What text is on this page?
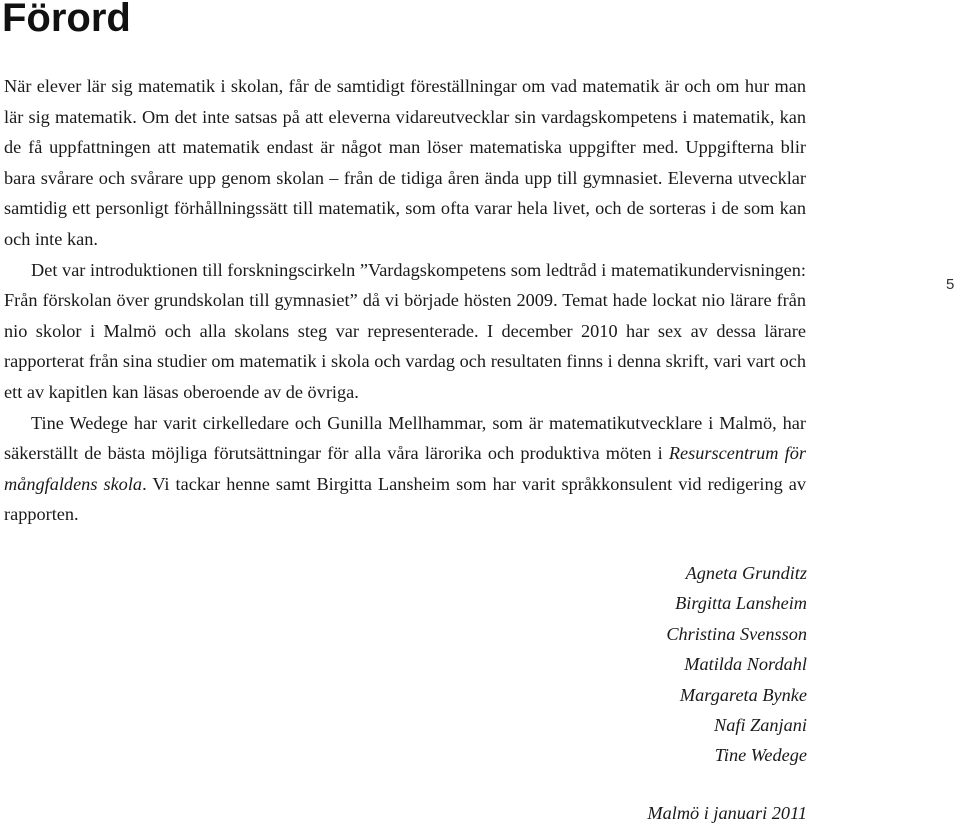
Förord

När elever lär sig matematik i skolan, får de samtidigt föreställningar om vad matematik är och om hur man lär sig matematik. Om det inte satsas på att eleverna vidareutvecklar sin vardagskompetens i matematik, kan de få uppfattningen att matematik endast är något man löser matematiska uppgifter med. Uppgifterna blir bara svårare och svårare upp genom skolan – från de tidiga åren ända upp till gymnasiet. Eleverna utvecklar samtidig ett personligt förhållningssätt till matematik, som ofta varar hela livet, och de sorteras i de som kan och inte kan.

Det var introduktionen till forskningscirkeln ”Vardagskompetens som ledtråd i matematikundervisningen: Från förskolan över grundskolan till gymnasiet” då vi började hösten 2009. Temat hade lockat nio lärare från nio skolor i Malmö och alla skolans steg var representerade. I december 2010 har sex av dessa lärare rapporterat från sina studier om matematik i skola och vardag och resultaten finns i denna skrift, vari vart och ett av kapitlen kan läsas oberoende av de övriga.

Tine Wedege har varit cirkelledare och Gunilla Mellhammar, som är matematikutvecklare i Malmö, har säkerställt de bästa möjliga förutsättningar för alla våra lärorika och produktiva möten i Resurscentrum för mångfaldens skola. Vi tackar henne samt Birgitta Lansheim som har varit språkkonsulent vid redigering av rapporten.

5
Agneta Grunditz
Birgitta Lansheim
Christina Svensson
Matilda Nordahl
Margareta Bynke
Nafi Zanjani
Tine Wedege
Malmö i januari 2011
